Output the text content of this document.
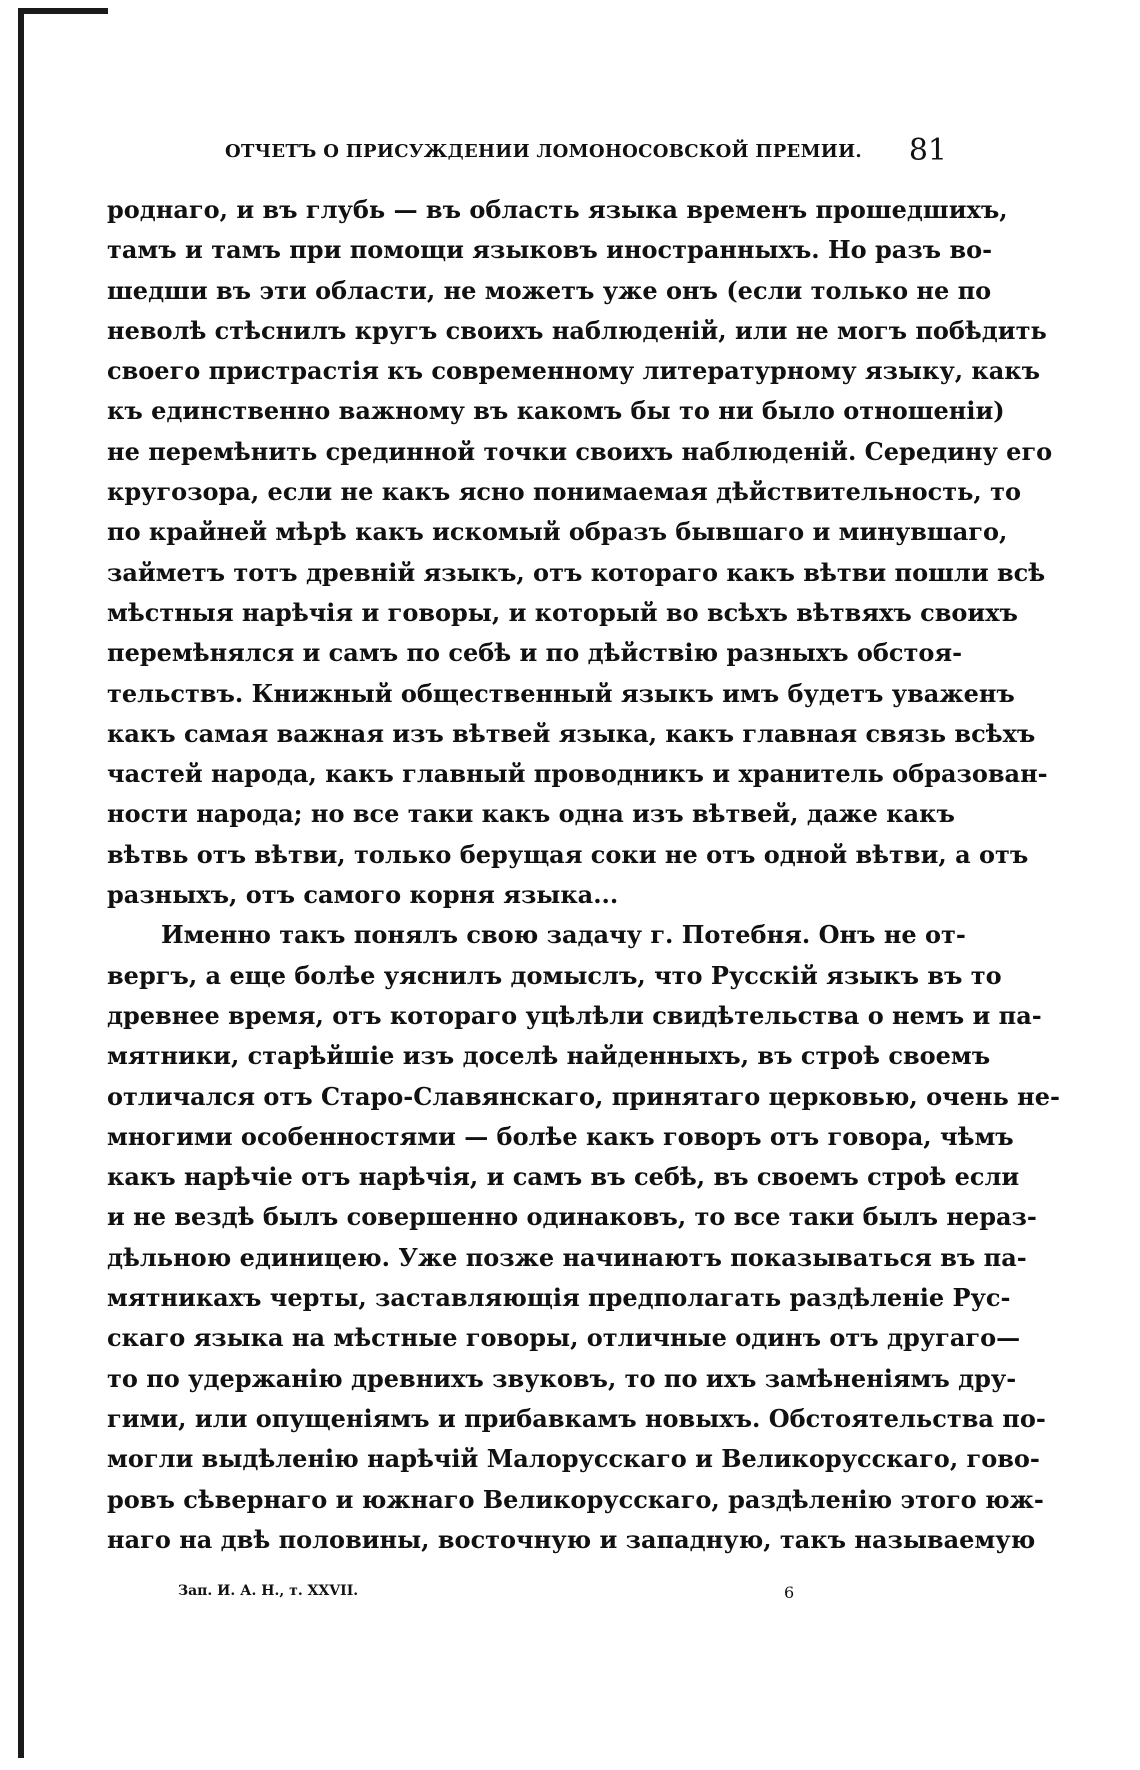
ОТЧЕТЪ О ПРИСУЖДЕНИИ ЛОМОНОСОВСКОЙ ПРЕМИИ. 81
роднаго, и въ глубь — въ область языка временъ прошедшихъ,
тамъ и тамъ при помощи языковъ иностранныхъ. Но разъ во-
шедши въ эти области, не можетъ уже онъ (если только не по
неволѣ стѣснилъ кругъ своихъ наблюденій, или не могъ побѣдить
своего пристрастія къ современному литературному языку, какъ
къ единственно важному въ какомъ бы то ни было отношеніи)
не перемѣнить срединной точки своихъ наблюденій. Середину его
кругозора, если не какъ ясно понимаемая дѣйствительность, то
по крайней мѣрѣ какъ искомый образъ бывшаго и минувшаго,
займетъ тотъ древній языкъ, отъ котораго какъ вѣтви пошли всѣ
мѣстныя нарѣчія и говоры, и который во всѣхъ вѣтвяхъ своихъ
перемѣнялся и самъ по себѣ и по дѣйствію разныхъ обстоя-
тельствъ. Книжный общественный языкъ имъ будетъ уваженъ
какъ самая важная изъ вѣтвей языка, какъ главная связь всѣхъ
частей народа, какъ главный проводникъ и хранитель образован-
ности народа; но все таки какъ одна изъ вѣтвей, даже какъ
вѣтвь отъ вѣтви, только берущая соки не отъ одной вѣтви, а отъ
разныхъ, отъ самого корня языка...
Именно такъ понялъ свою задачу г. Потебня. Онъ не от-
вергъ, а еще болѣе уяснилъ домыслъ, что Русскій языкъ въ то
древнее время, отъ котораго уцѣлѣли свидѣтельства о немъ и па-
мятники, старѣйшіе изъ доселѣ найденныхъ, въ строѣ своемъ
отличался отъ Старо-Славянскаго, принятаго церковью, очень не-
многими особенностями — болѣе какъ говоръ отъ говора, чѣмъ
какъ нарѣчіе отъ нарѣчія, и самъ въ себѣ, въ своемъ строѣ если
и не вездѣ былъ совершенно одинаковъ, то все таки былъ нераз-
дѣльною единицею. Уже позже начинаютъ показываться въ па-
мятникахъ черты, заставляющія предполагать раздѣленіе Рус-
скаго языка на мѣстные говоры, отличные одинъ отъ другаго—
то по удержанію древнихъ звуковъ, то по ихъ замѣненіямъ дру-
гими, или опущеніямъ и прибавкамъ новыхъ. Обстоятельства по-
могли выдѣленію нарѣчій Малорусскаго и Великорусскаго, гово-
ровъ сѣвернаго и южнаго Великорусскаго, раздѣленію этого юж-
наго на двѣ половины, восточную и западную, такъ называемую
Зап. И. А. Н., т. XXVII.	6
